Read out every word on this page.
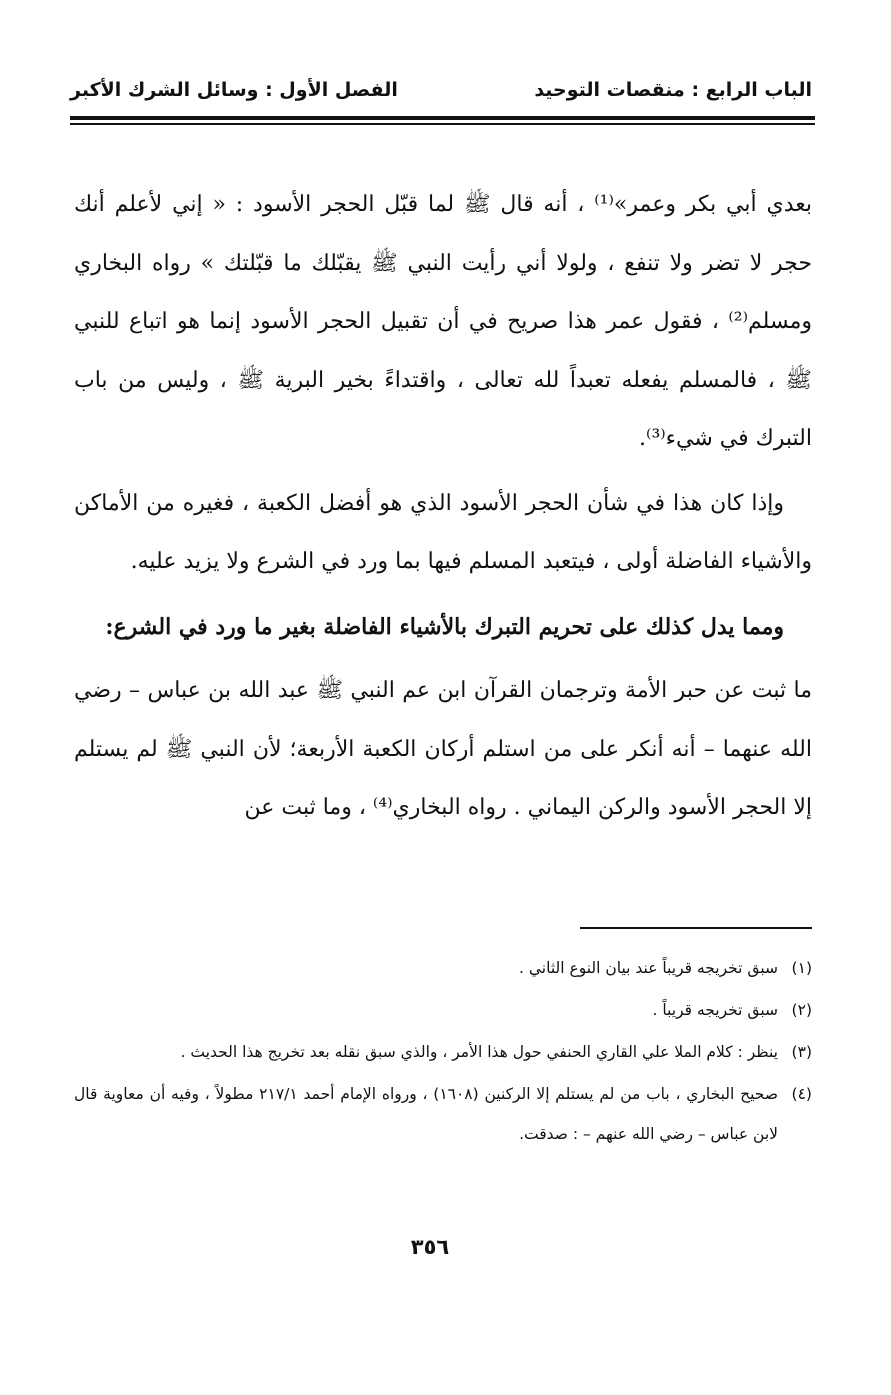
الفصل الأول : وسائل الشرك الأكبر	الباب الرابع : منقصات التوحيد

بعدي أبي بكر وعمر»⁽¹⁾ ، أنه قال ﷺ لما قبّل الحجر الأسود : « إني لأعلم أنك حجر لا تضر ولا تنفع ، ولولا أني رأيت النبي ﷺ يقبّلك ما قبّلتك » رواه البخاري ومسلم⁽²⁾ ، فقول عمر هذا صريح في أن تقبيل الحجر الأسود إنما هو اتباع للنبي ﷺ ، فالمسلم يفعله تعبداً لله تعالى ، واقتداءً بخير البرية ﷺ ، وليس من باب التبرك في شيء⁽³⁾.

وإذا كان هذا في شأن الحجر الأسود الذي هو أفضل الكعبة ، فغيره من الأماكن والأشياء الفاضلة أولى ، فيتعبد المسلم فيها بما ورد في الشرع ولا يزيد عليه.

ومما يدل كذلك على تحريم التبرك بالأشياء الفاضلة بغير ما ورد في الشرع:

ما ثبت عن حبر الأمة وترجمان القرآن ابن عم النبي ﷺ عبد الله بن عباس – رضي الله عنهما – أنه أنكر على من استلم أركان الكعبة الأربعة؛ لأن النبي ﷺ لم يستلم إلا الحجر الأسود والركن اليماني . رواه البخاري⁽⁴⁾ ، وما ثبت عن

(١)سبق تخريجه قريباً عند بيان النوع الثاني .
(٢)سبق تخريجه قريباً .
(٣)ينظر : كلام الملا علي القاري الحنفي حول هذا الأمر ، والذي سبق نقله بعد تخريج هذا الحديث .
(٤)صحيح البخاري ، باب من لم يستلم إلا الركنين (١٦٠٨) ، ورواه الإمام أحمد ٢١٧/١ مطولاً ، وفيه أن معاوية قال لابن عباس – رضي الله عنهم – : صدقت.
٣٥٦
